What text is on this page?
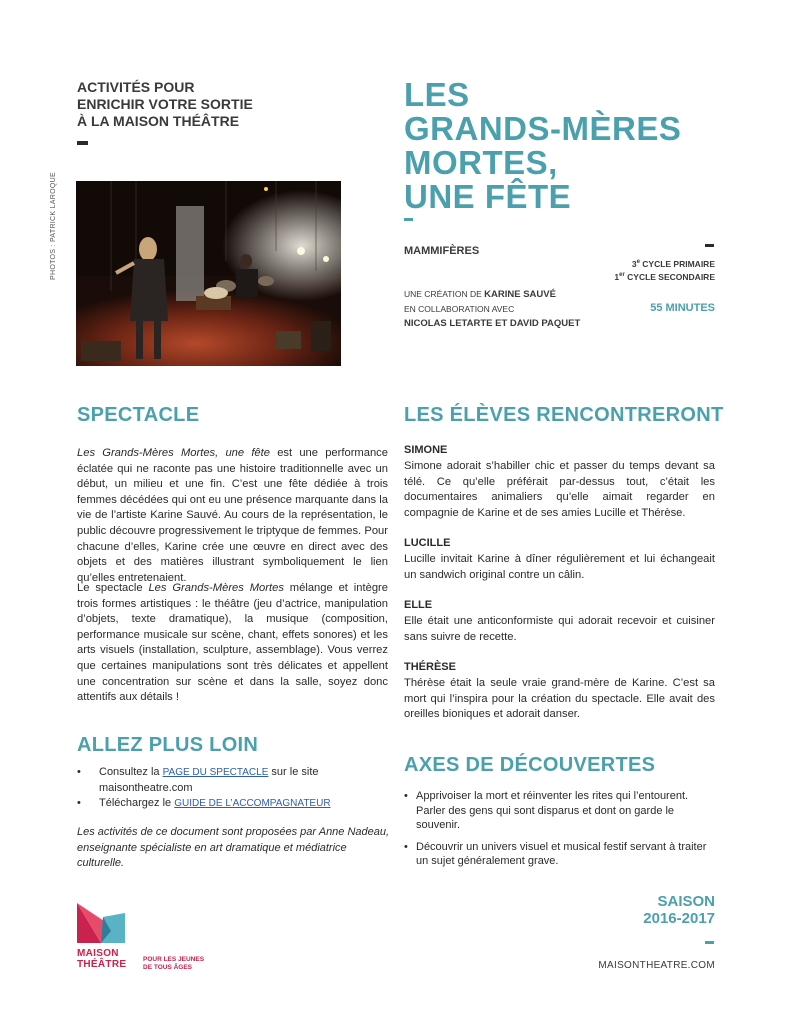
ACTIVITÉS POUR
ENRICHIR VOTRE SORTIE
À LA MAISON THÉÂTRE
PHOTOS : PATRICK LAROQUE
LES
GRANDS-MÈRES
MORTES,
UNE FÊTE
MAMMIFÈRES
3e CYCLE PRIMAIRE
1er CYCLE SECONDAIRE
UNE CRÉATION DE KARINE SAUVÉ
EN COLLABORATION AVEC
NICOLAS LETARTE ET DAVID PAQUET
55 MINUTES
SPECTACLE
Les Grands-Mères Mortes, une fête est une performance éclatée qui ne raconte pas une histoire traditionnelle avec un début, un milieu et une fin. C’est une fête dédiée à trois femmes décédées qui ont eu une présence marquante dans la vie de l’artiste Karine Sauvé. Au cours de la représentation, le public découvre progressivement le triptyque de femmes. Pour chacune d’elles, Karine crée une œuvre en direct avec des objets et des matières illustrant symboliquement le lien qu’elles entretenaient.
Le spectacle Les Grands-Mères Mortes mélange et intègre trois formes artistiques : le théâtre (jeu d’actrice, manipulation d’objets, texte dramatique), la musique (composition, performance musicale sur scène, chant, effets sonores) et les arts visuels (installation, sculpture, assemblage). Vous verrez que certaines manipulations sont très délicates et appellent une concentration sur scène et dans la salle, soyez donc attentifs aux détails !
LES ÉLÈVES RENCONTRERONT
SIMONE
Simone adorait s’habiller chic et passer du temps devant sa télé. Ce qu’elle préférait par-dessus tout, c’était les documentaires animaliers qu’elle aimait regarder en compagnie de Karine et de ses amies Lucille et Thérèse.
LUCILLE
Lucille invitait Karine à dîner régulièrement et lui échangeait un sandwich original contre un câlin.
ELLE
Elle était une anticonformiste qui adorait recevoir et cuisiner sans suivre de recette.
THÉRÈSE
Thérèse était la seule vraie grand-mère de Karine. C’est sa mort qui l’inspira pour la création du spectacle. Elle avait des oreilles bioniques et adorait danser.
ALLEZ PLUS LOIN
• Consultez la PAGE DU SPECTACLE sur le site maisontheatre.com
• Téléchargez le GUIDE DE L’ACCOMPAGNATEUR
Les activités de ce document sont proposées par Anne Nadeau, enseignante spécialiste en art dramatique et médiatrice culturelle.
AXES DE DÉCOUVERTES
• Apprivoiser la mort et réinventer les rites qui l’entourent. Parler des gens qui sont disparus et dont on garde le souvenir.
• Découvrir un univers visuel et musical festif servant à traiter un sujet généralement grave.
SAISON
2016-2017
MAISONTHEATRE.COM
MAISON
THÉÂTRE	POUR LES JEUNES
DE TOUS ÂGES
